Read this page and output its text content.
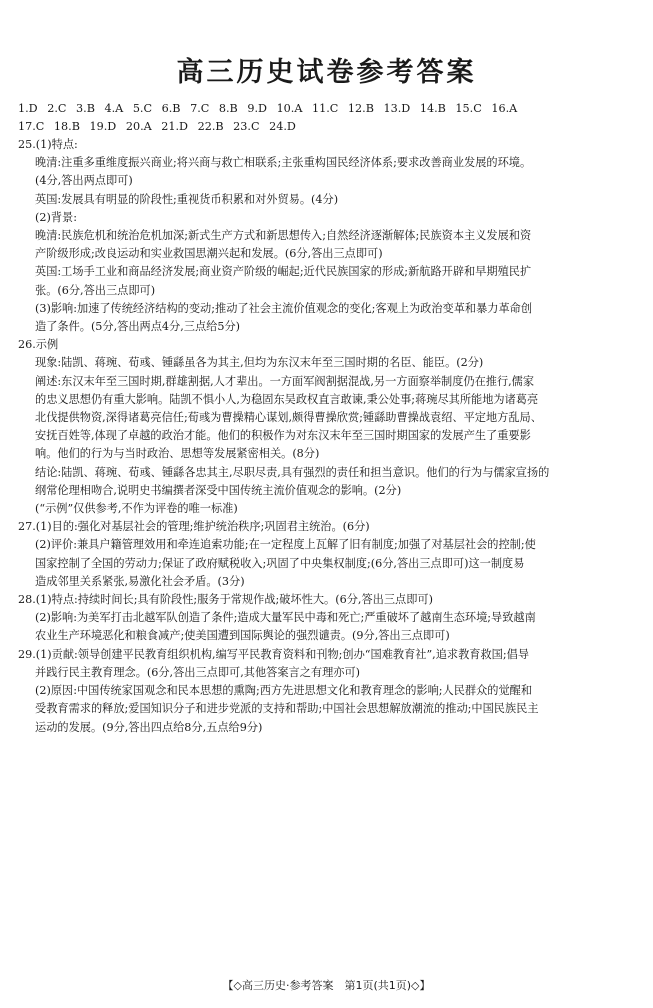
高三历史试卷参考答案
1.D 2.C 3.B 4.A 5.C 6.B 7.C 8.B 9.D 10.A 11.C 12.B 13.D 14.B 15.C 16.A
17.C 18.B 19.D 20.A 21.D 22.B 23.C 24.D
25.(1)特点:
晚清:注重多重维度振兴商业;将兴商与救亡相联系;主张重构国民经济体系;要求改善商业发展的环境。
(4分,答出两点即可)
英国:发展具有明显的阶段性;重视货币积累和对外贸易。(4分)
(2)背景:
晚清:民族危机和统治危机加深;新式生产方式和新思想传入;自然经济逐渐解体;民族资本主义发展和资
产阶级形成;改良运动和实业救国思潮兴起和发展。(6分,答出三点即可)
英国:工场手工业和商品经济发展;商业资产阶级的崛起;近代民族国家的形成;新航路开辟和早期殖民扩
张。(6分,答出三点即可)
(3)影响:加速了传统经济结构的变动;推动了社会主流价值观念的变化;客观上为政治变革和暴力革命创
造了条件。(5分,答出两点4分,三点给5分)
26.示例
现象:陆凯、蒋琬、荀彧、锺繇虽各为其主,但均为东汉末年至三国时期的名臣、能臣。(2分)
阐述:东汉末年至三国时期,群雄割据,人才辈出。一方面军阀割据混战,另一方面察举制度仍在推行,儒家
的忠义思想仍有重大影响。陆凯不惧小人,为稳固东吴政权直言敢谏,秉公处事;蒋琬尽其所能地为诸葛亮
北伐提供物资,深得诸葛亮信任;荀彧为曹操精心谋划,颇得曹操欣赏;锺繇助曹操战袁绍、平定地方乱局、
安抚百姓等,体现了卓越的政治才能。他们的积极作为对东汉末年至三国时期国家的发展产生了重要影
响。他们的行为与当时政治、思想等发展紧密相关。(8分)
结论:陆凯、蒋琬、荀彧、锺繇各忠其主,尽职尽责,具有强烈的责任和担当意识。他们的行为与儒家宣扬的
纲常伦理相吻合,说明史书编撰者深受中国传统主流价值观念的影响。(2分)
(“示例”仅供参考,不作为评卷的唯一标准)
27.(1)目的:强化对基层社会的管理;维护统治秩序;巩固君主统治。(6分)
(2)评价:兼具户籍管理效用和牵连追索功能;在一定程度上瓦解了旧有制度;加强了对基层社会的控制;使
国家控制了全国的劳动力;保证了政府赋税收入;巩固了中央集权制度;(6分,答出三点即可)这一制度易
造成邻里关系紧张,易激化社会矛盾。(3分)
28.(1)特点:持续时间长;具有阶段性;服务于常规作战;破坏性大。(6分,答出三点即可)
(2)影响:为美军打击北越军队创造了条件;造成大量军民中毒和死亡;严重破坏了越南生态环境;导致越南
农业生产环境恶化和粮食减产;使美国遭到国际舆论的强烈谴责。(9分,答出三点即可)
29.(1)贡献:领导创建平民教育组织机构,编写平民教育资料和刊物;创办“国难教育社”,追求教育救国;倡导
并践行民主教育理念。(6分,答出三点即可,其他答案言之有理亦可)
(2)原因:中国传统家国观念和民本思想的熏陶;西方先进思想文化和教育理念的影响;人民群众的觉醒和
受教育需求的释放;爱国知识分子和进步党派的支持和帮助;中国社会思想解放潮流的推动;中国民族民主
运动的发展。(9分,答出四点给8分,五点给9分)
【◇高三历史·参考答案　第1页(共1页)◇】
